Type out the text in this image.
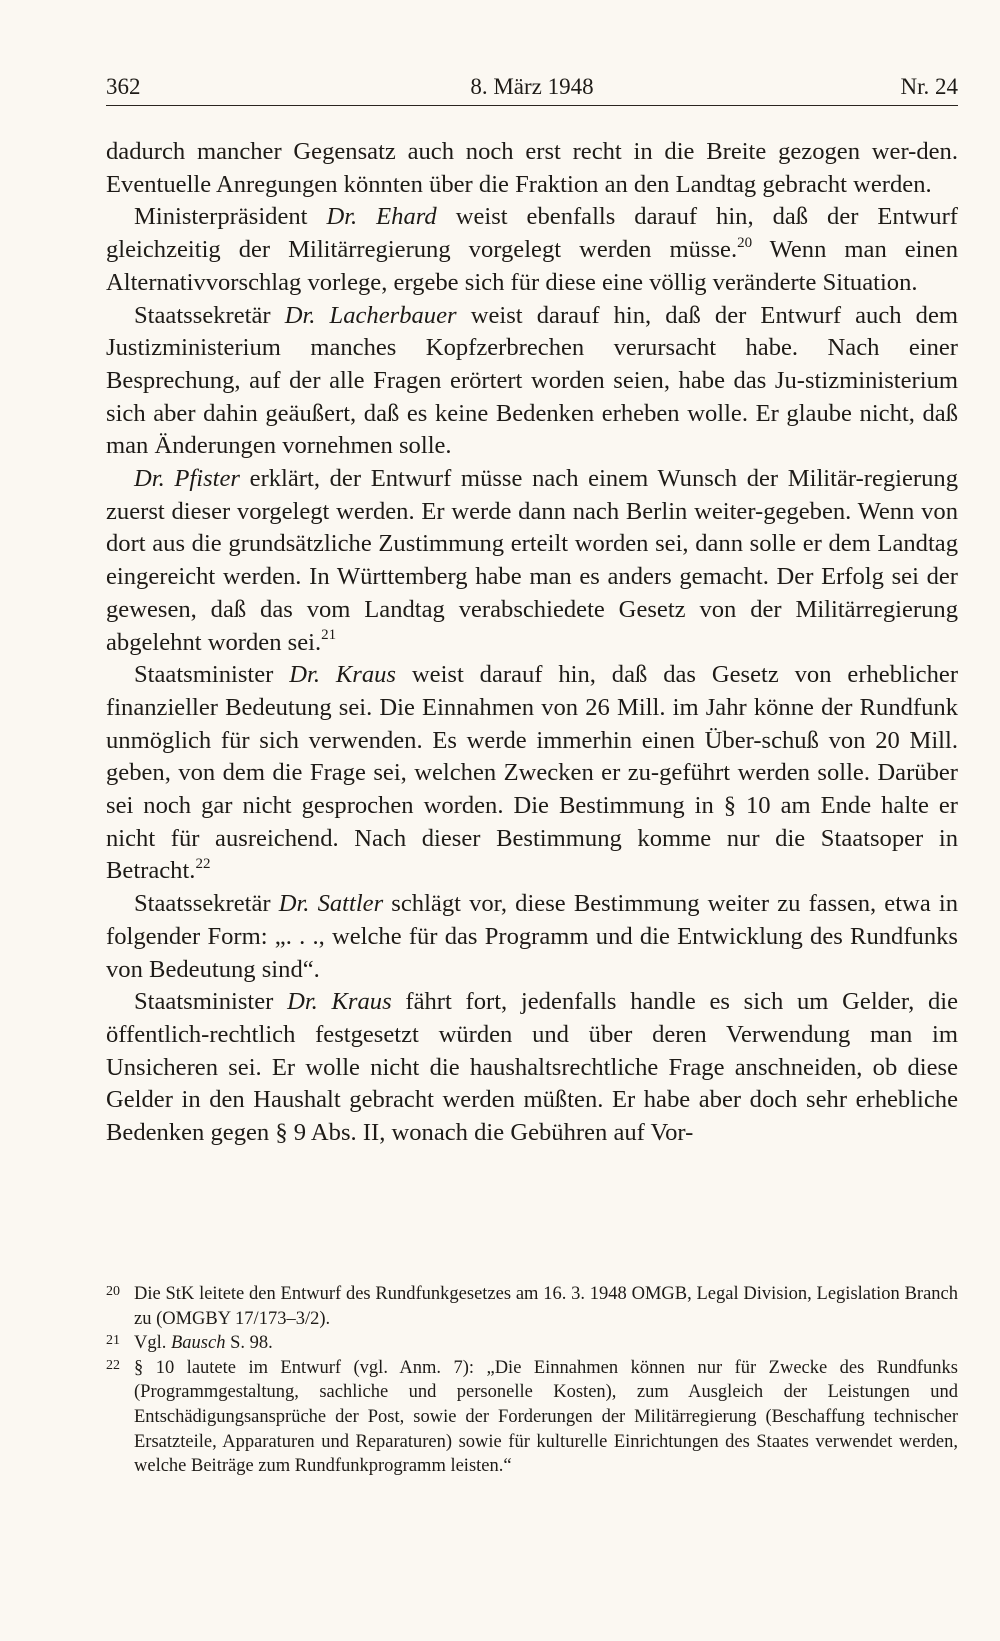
362	8. März 1948	Nr. 24

dadurch mancher Gegensatz auch noch erst recht in die Breite gezogen wer-den. Eventuelle Anregungen könnten über die Fraktion an den Landtag gebracht werden.

Ministerpräsident Dr. Ehard weist ebenfalls darauf hin, daß der Entwurf gleichzeitig der Militärregierung vorgelegt werden müsse.$^{20}$ Wenn man einen Alternativvorschlag vorlege, ergebe sich für diese eine völlig veränderte Situation.

Staatssekretär Dr. Lacherbauer weist darauf hin, daß der Entwurf auch dem Justizministerium manches Kopfzerbrechen verursacht habe. Nach einer Besprechung, auf der alle Fragen erörtert worden seien, habe das Ju-stizministerium sich aber dahin geäußert, daß es keine Bedenken erheben wolle. Er glaube nicht, daß man Änderungen vornehmen solle.

Dr. Pfister erklärt, der Entwurf müsse nach einem Wunsch der Militär-regierung zuerst dieser vorgelegt werden. Er werde dann nach Berlin weiter-gegeben. Wenn von dort aus die grundsätzliche Zustimmung erteilt worden sei, dann solle er dem Landtag eingereicht werden. In Württemberg habe man es anders gemacht. Der Erfolg sei der gewesen, daß das vom Landtag verabschiedete Gesetz von der Militärregierung abgelehnt worden sei.$^{21}$

Staatsminister Dr. Kraus weist darauf hin, daß das Gesetz von erheblicher finanzieller Bedeutung sei. Die Einnahmen von 26 Mill. im Jahr könne der Rundfunk unmöglich für sich verwenden. Es werde immerhin einen Über-schuß von 20 Mill. geben, von dem die Frage sei, welchen Zwecken er zu-geführt werden solle. Darüber sei noch gar nicht gesprochen worden. Die Bestimmung in § 10 am Ende halte er nicht für ausreichend. Nach dieser Bestimmung komme nur die Staatsoper in Betracht.$^{22}$

Staatssekretär Dr. Sattler schlägt vor, diese Bestimmung weiter zu fassen, etwa in folgender Form: „. . ., welche für das Programm und die Entwicklung des Rundfunks von Bedeutung sind“.

Staatsminister Dr. Kraus fährt fort, jedenfalls handle es sich um Gelder, die öffentlich-rechtlich festgesetzt würden und über deren Verwendung man im Unsicheren sei. Er wolle nicht die haushaltsrechtliche Frage anschneiden, ob diese Gelder in den Haushalt gebracht werden müßten. Er habe aber doch sehr erhebliche Bedenken gegen § 9 Abs. II, wonach die Gebühren auf Vor-

20 Die StK leitete den Entwurf des Rundfunkgesetzes am 16. 3. 1948 OMGB, Legal Division, Legislation Branch zu (OMGBY 17/173–3/2).
21 Vgl. Bausch S. 98.
22 § 10 lautete im Entwurf (vgl. Anm. 7): „Die Einnahmen können nur für Zwecke des Rundfunks (Programmgestaltung, sachliche und personelle Kosten), zum Ausgleich der Leistungen und Entschädigungsansprüche der Post, sowie der Forderungen der Militärregierung (Beschaffung technischer Ersatzteile, Apparaturen und Reparaturen) sowie für kulturelle Einrichtungen des Staates verwendet werden, welche Beiträge zum Rundfunkprogramm leisten.“
